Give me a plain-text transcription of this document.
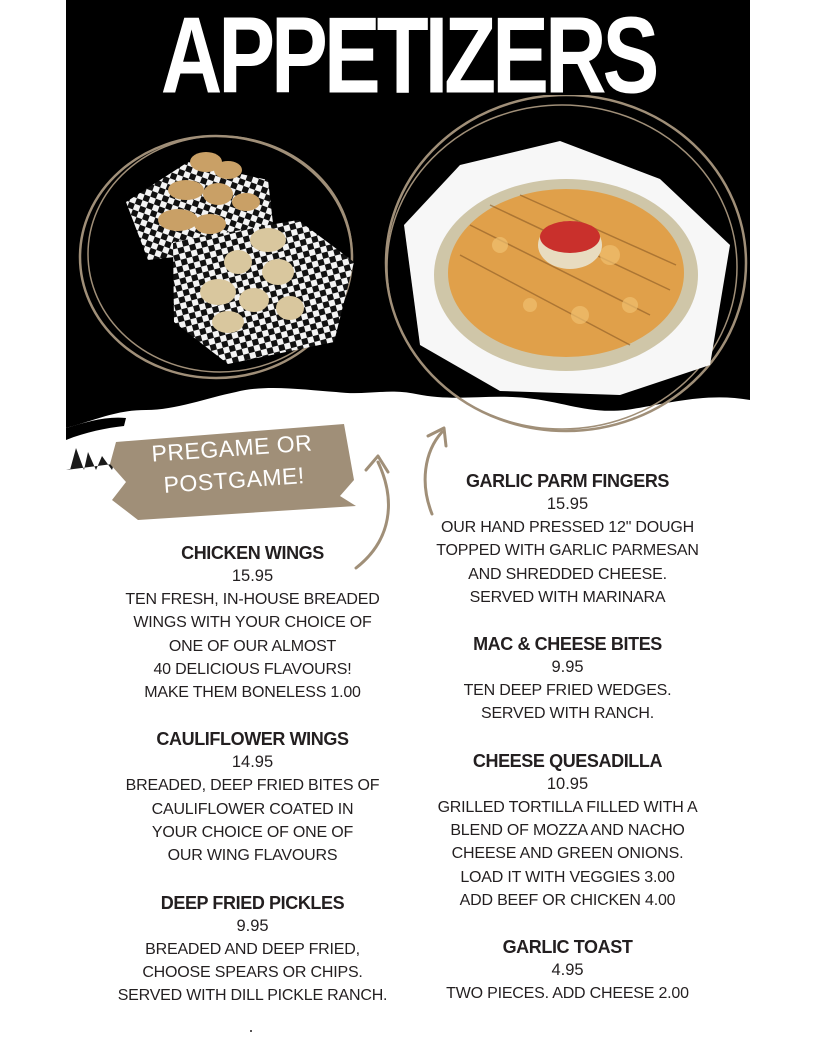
APPETIZERS
PREGAME OR
POSTGAME!
CHICKEN WINGS
15.95
TEN FRESH, IN-HOUSE BREADED
WINGS WITH YOUR CHOICE OF
ONE OF OUR ALMOST
40 DELICIOUS FLAVOURS!
MAKE THEM BONELESS 1.00
CAULIFLOWER WINGS
14.95
BREADED, DEEP FRIED BITES OF
CAULIFLOWER COATED IN
YOUR CHOICE OF ONE OF
OUR WING FLAVOURS
DEEP FRIED PICKLES
9.95
BREADED AND DEEP FRIED,
CHOOSE SPEARS OR CHIPS.
SERVED WITH DILL PICKLE RANCH.
GARLIC PARM FINGERS
15.95
OUR HAND PRESSED 12" DOUGH
TOPPED WITH GARLIC PARMESAN
AND SHREDDED CHEESE.
SERVED WITH MARINARA
MAC & CHEESE BITES
9.95
TEN DEEP FRIED WEDGES.
SERVED WITH RANCH.
CHEESE QUESADILLA
10.95
GRILLED TORTILLA FILLED WITH A
BLEND OF MOZZA AND NACHO
CHEESE AND GREEN ONIONS.
LOAD IT WITH VEGGIES 3.00
ADD BEEF OR CHICKEN 4.00
GARLIC TOAST
4.95
TWO PIECES. ADD CHEESE 2.00
